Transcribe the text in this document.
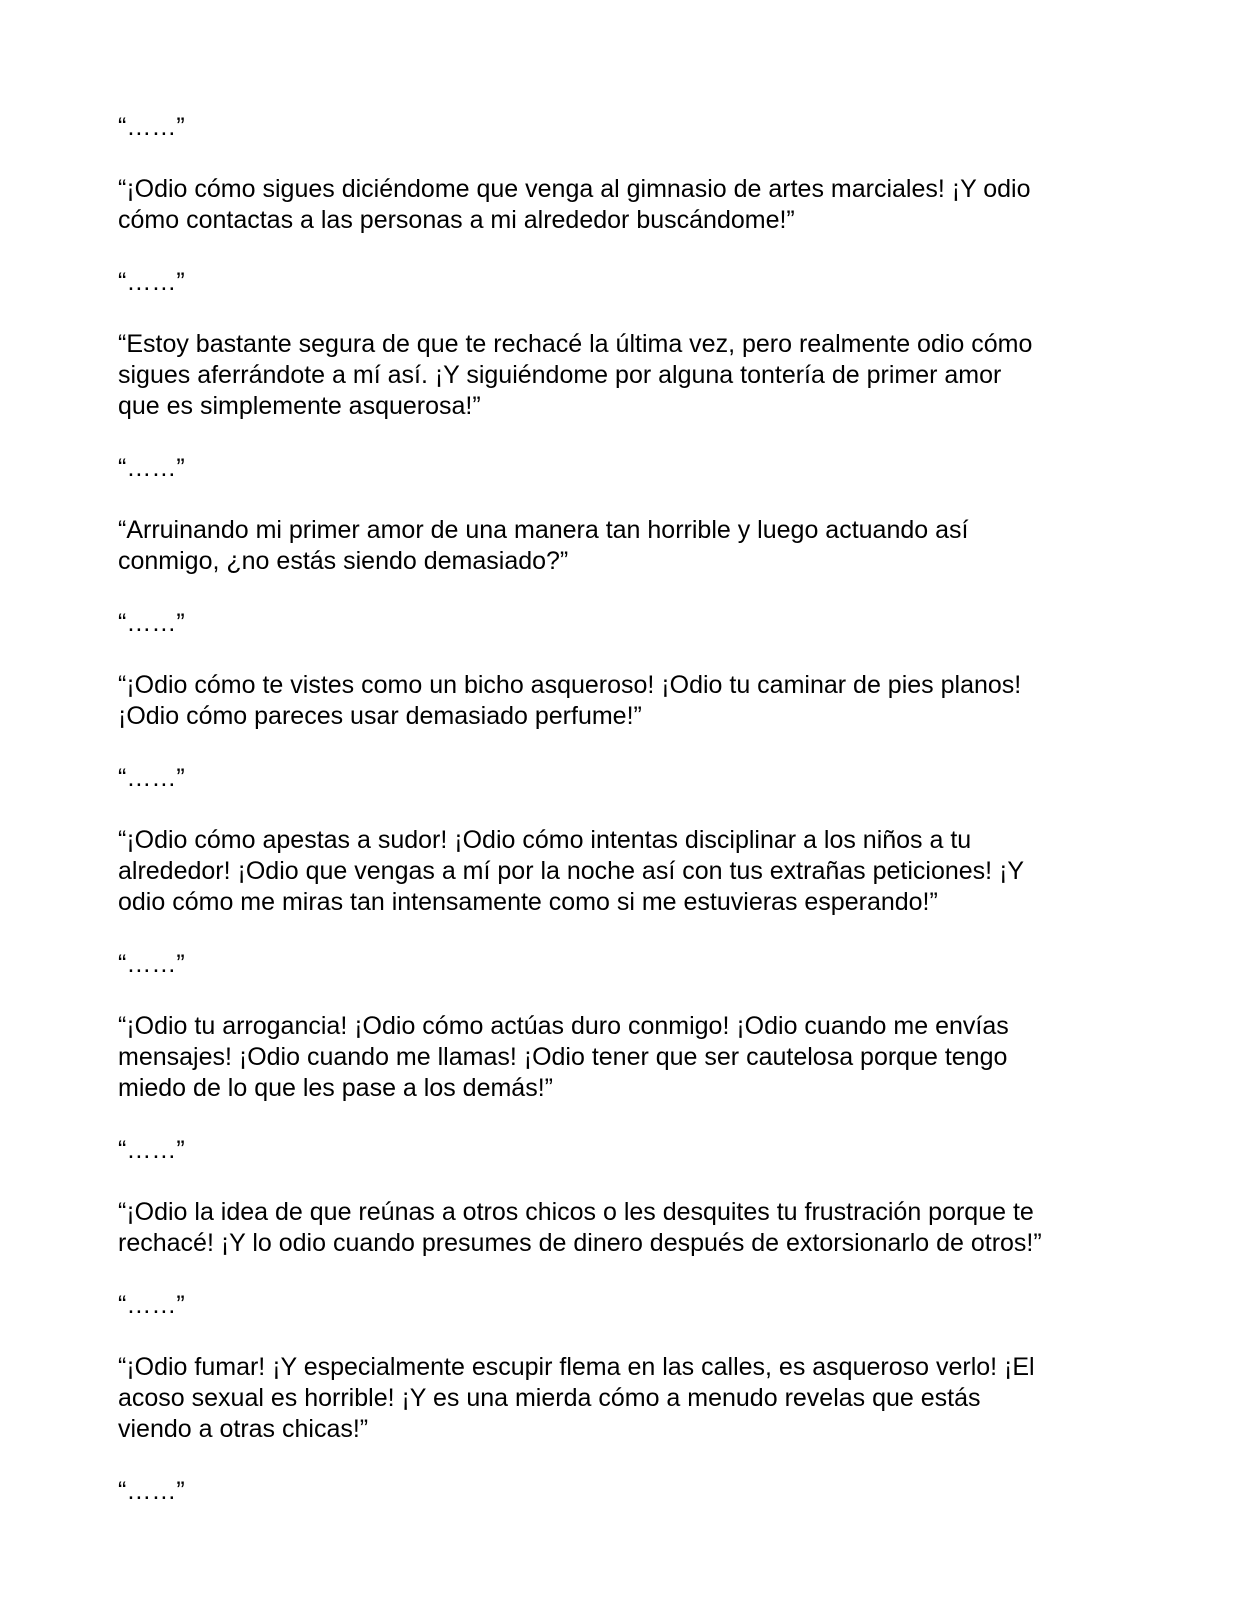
“……”

“¡Odio cómo sigues diciéndome que venga al gimnasio de artes marciales! ¡Y odio
cómo contactas a las personas a mi alrededor buscándome!”

“……”

“Estoy bastante segura de que te rechacé la última vez, pero realmente odio cómo
sigues aferrándote a mí así. ¡Y siguiéndome por alguna tontería de primer amor
que es simplemente asquerosa!”

“……”

“Arruinando mi primer amor de una manera tan horrible y luego actuando así
conmigo, ¿no estás siendo demasiado?”

“……”

“¡Odio cómo te vistes como un bicho asqueroso! ¡Odio tu caminar de pies planos!
¡Odio cómo pareces usar demasiado perfume!”

“……”

“¡Odio cómo apestas a sudor! ¡Odio cómo intentas disciplinar a los niños a tu
alrededor! ¡Odio que vengas a mí por la noche así con tus extrañas peticiones! ¡Y
odio cómo me miras tan intensamente como si me estuvieras esperando!”

“……”

“¡Odio tu arrogancia! ¡Odio cómo actúas duro conmigo! ¡Odio cuando me envías
mensajes! ¡Odio cuando me llamas! ¡Odio tener que ser cautelosa porque tengo
miedo de lo que les pase a los demás!”

“……”

“¡Odio la idea de que reúnas a otros chicos o les desquites tu frustración porque te
rechacé! ¡Y lo odio cuando presumes de dinero después de extorsionarlo de otros!”

“……”

“¡Odio fumar! ¡Y especialmente escupir flema en las calles, es asqueroso verlo! ¡El
acoso sexual es horrible! ¡Y es una mierda cómo a menudo revelas que estás
viendo a otras chicas!”

“……”
